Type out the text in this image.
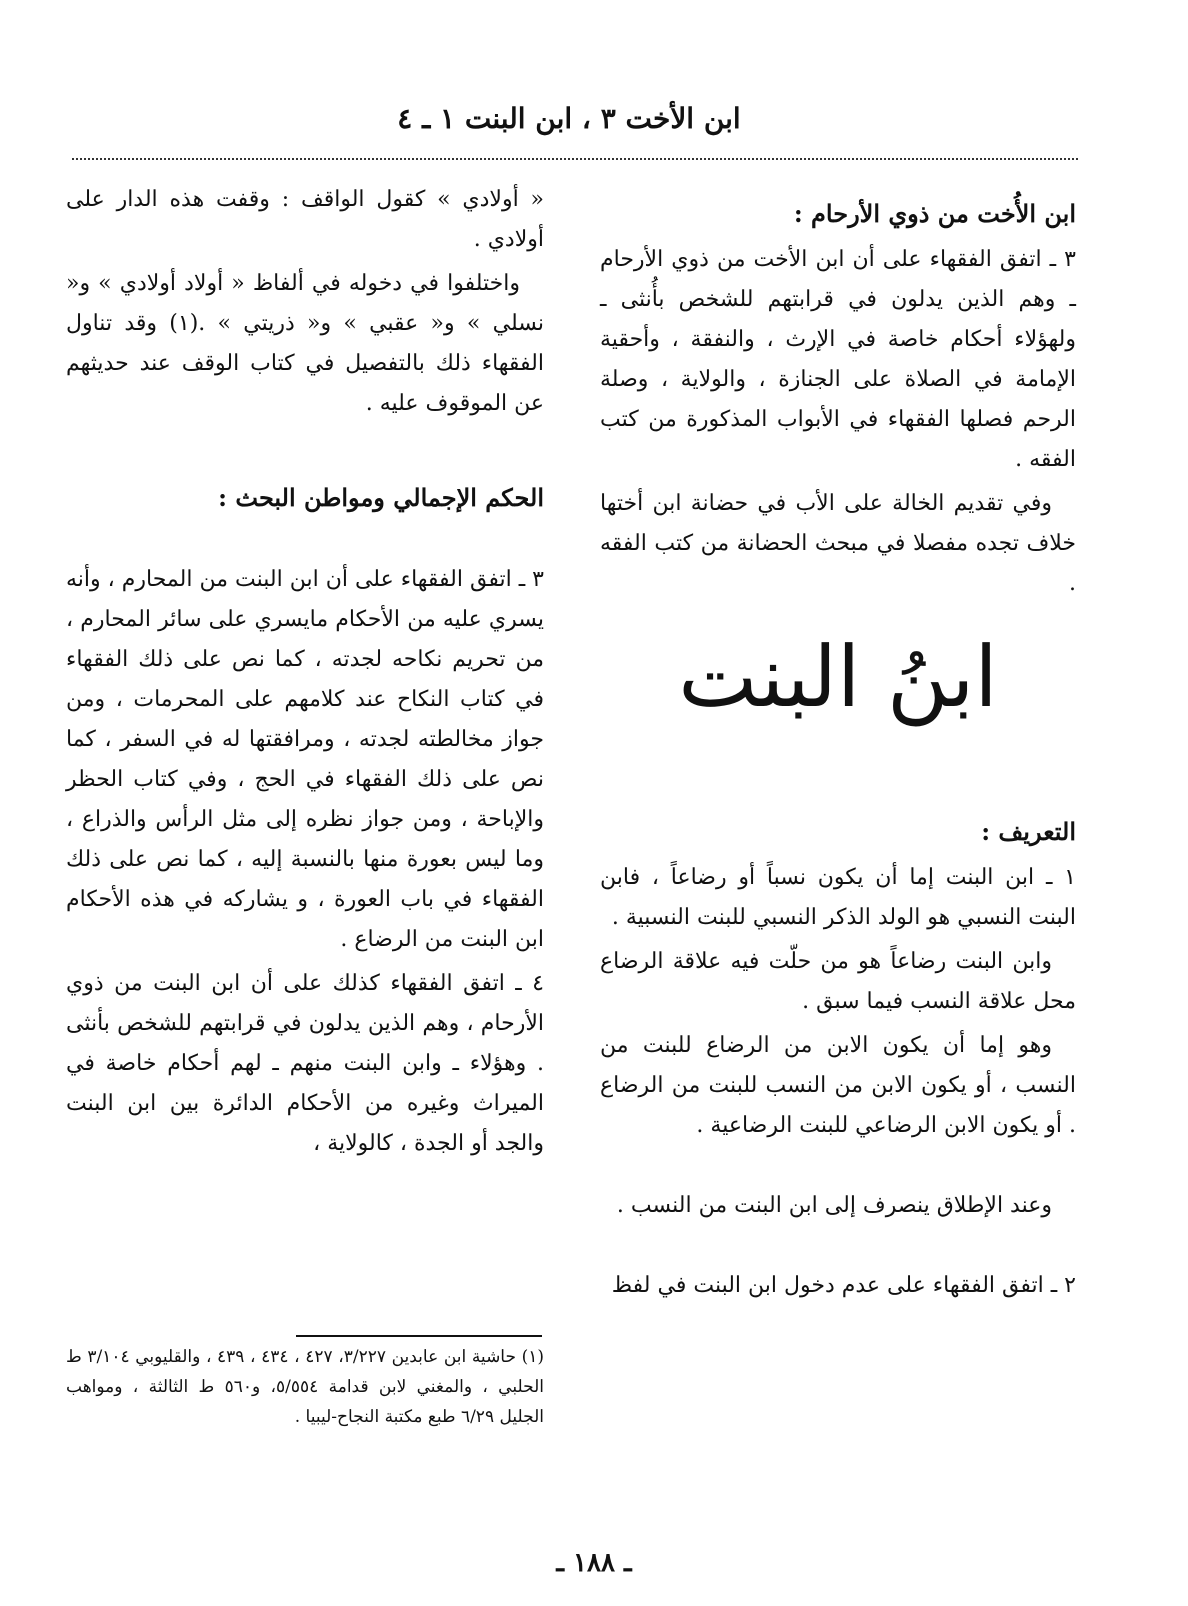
ابن الأخت ٣ ، ابن البنت ١ ـ ٤
ابن الأُخت من ذوي الأرحام :

٣ ـ اتفق الفقهاء على أن ابن الأخت من ذوي الأرحام ـ وهم الذين يدلون في قرابتهم للشخص بأُنثى ـ ولهؤلاء أحكام خاصة في الإرث ، والنفقة ، وأحقية الإمامة في الصلاة على الجنازة ، والولاية ، وصلة الرحم فصلها الفقهاء في الأبواب المذكورة من كتب الفقه .

وفي تقديم الخالة على الأب في حضانة ابن أختها خلاف تجده مفصلا في مبحث الحضانة من كتب الفقه .

ابنُ البنت
التعريف :

١ ـ ابن البنت إما أن يكون نسباً أو رضاعاً ، فابن البنت النسبي هو الولد الذكر النسبي للبنت النسبية .

وابن البنت رضاعاً هو من حلّت فيه علاقة الرضاع محل علاقة النسب فيما سبق .

وهو إما أن يكون الابن من الرضاع للبنت من النسب ، أو يكون الابن من النسب للبنت من الرضاع . أو يكون الابن الرضاعي للبنت الرضاعية .

وعند الإطلاق ينصرف إلى ابن البنت من النسب .

٢ ـ اتفق الفقهاء على عدم دخول ابن البنت في لفظ

« أولادي » كقول الواقف : وقفت هذه الدار على أولادي .

واختلفوا في دخوله في ألفاظ « أولاد أولادي » و« نسلي » و« عقبي » و« ذريتي » .(١) وقد تناول الفقهاء ذلك بالتفصيل في كتاب الوقف عند حديثهم عن الموقوف عليه .

الحكم الإجمالي ومواطن البحث :

٣ ـ اتفق الفقهاء على أن ابن البنت من المحارم ، وأنه يسري عليه من الأحكام مايسري على سائر المحارم ، من تحريم نكاحه لجدته ، كما نص على ذلك الفقهاء في كتاب النكاح عند كلامهم على المحرمات ، ومن جواز مخالطته لجدته ، ومرافقتها له في السفر ، كما نص على ذلك الفقهاء في الحج ، وفي كتاب الحظر والإباحة ، ومن جواز نظره إلى مثل الرأس والذراع ، وما ليس بعورة منها بالنسبة إليه ، كما نص على ذلك الفقهاء في باب العورة ، و يشاركه في هذه الأحكام ابن البنت من الرضاع .

٤ ـ اتفق الفقهاء كذلك على أن ابن البنت من ذوي الأرحام ، وهم الذين يدلون في قرابتهم للشخص بأنثى . وهؤلاء ـ وابن البنت منهم ـ لهم أحكام خاصة في الميراث وغيره من الأحكام الدائرة بين ابن البنت والجد أو الجدة ، كالولاية ،

(١) حاشية ابن عابدين ٣/٢٢٧، ٤٢٧ ، ٤٣٤ ، ٤٣٩ ، والقليوبي ٣/١٠٤ ط الحلبي ، والمغني لابن قدامة ٥/٥٥٤، و٥٦٠ ط الثالثة ، ومواهب الجليل ٦/٢٩ طبع مكتبة النجاح-ليبيا .
ـ ١٨٨ ـ
